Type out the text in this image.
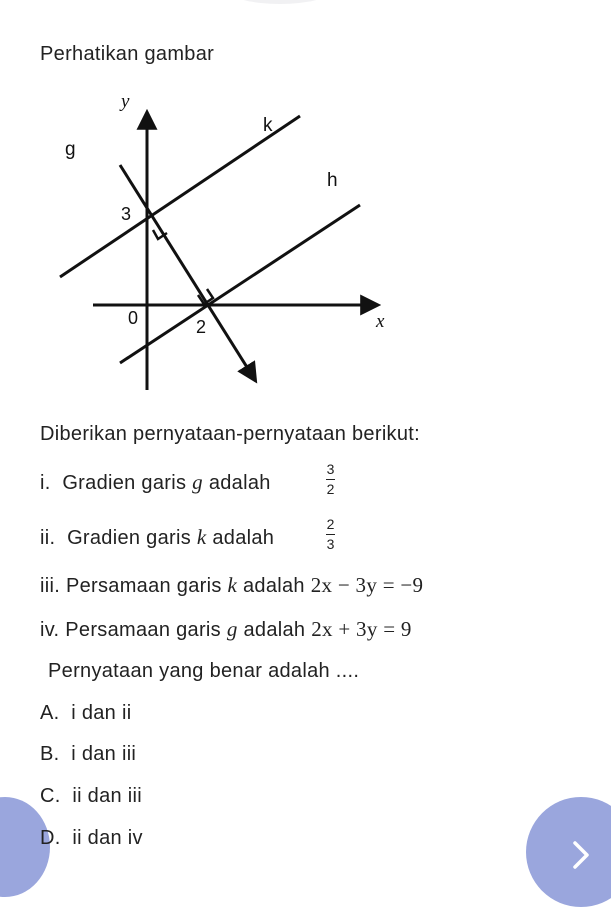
Perhatikan gambar
y
x
g
k
h
3
0	2
Diberikan pernyataan-pernyataan berikut:
i. Gradien garis g adalah
3
2
ii. Gradien garis k adalah
2
3
iii. Persamaan garis k adalah 2x − 3y = −9
iv. Persamaan garis g adalah 2x + 3y = 9
Pernyataan yang benar adalah ....
A. i dan ii
B. i dan iii
C. ii dan iii
D. ii dan iv
